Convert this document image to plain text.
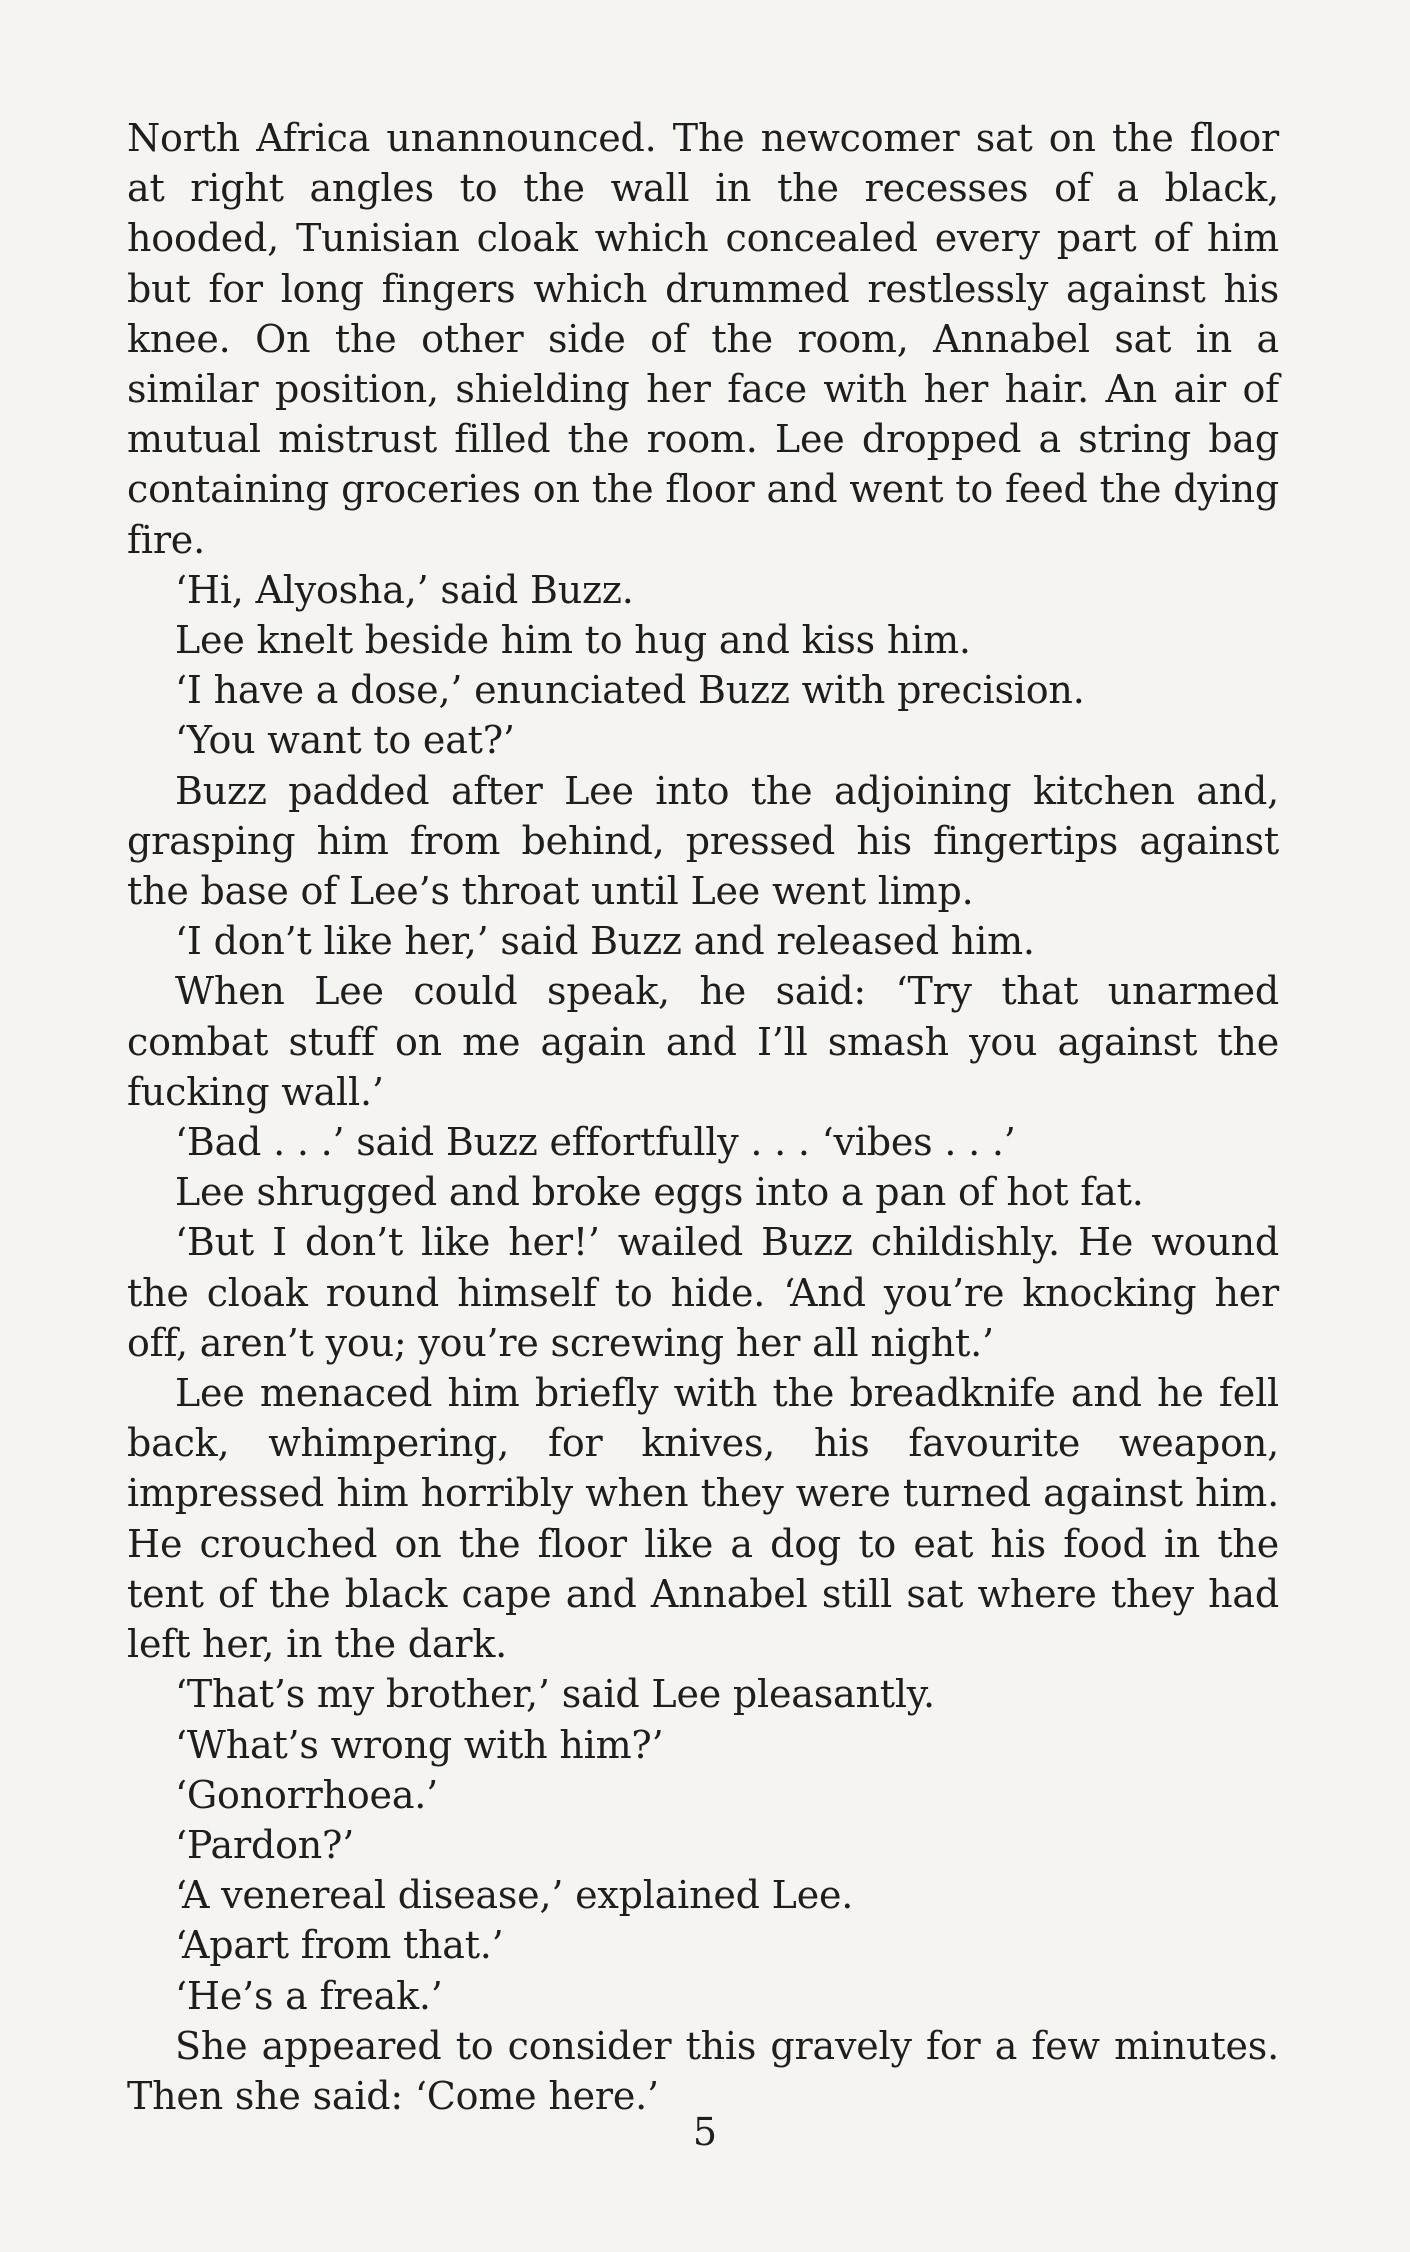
North Africa unannounced. The newcomer sat on the floor at right angles to the wall in the recesses of a black, hooded, Tunisian cloak which concealed every part of him but for long fingers which drummed restlessly against his knee. On the other side of the room, Annabel sat in a similar position, shielding her face with her hair. An air of mutual mistrust filled the room. Lee dropped a string bag containing groceries on the floor and went to feed the dying fire.

‘Hi, Alyosha,’ said Buzz.

Lee knelt beside him to hug and kiss him.

‘I have a dose,’ enunciated Buzz with precision.

‘You want to eat?’

Buzz padded after Lee into the adjoining kitchen and, grasping him from behind, pressed his fingertips against the base of Lee’s throat until Lee went limp.

‘I don’t like her,’ said Buzz and released him.

When Lee could speak, he said: ‘Try that unarmed combat stuff on me again and I’ll smash you against the fucking wall.’

‘Bad . . .’ said Buzz effortfully . . . ‘vibes . . .’

Lee shrugged and broke eggs into a pan of hot fat.

‘But I don’t like her!’ wailed Buzz childishly. He wound the cloak round himself to hide. ‘And you’re knocking her off, aren’t you; you’re screwing her all night.’

Lee menaced him briefly with the breadknife and he fell back, whimpering, for knives, his favourite weapon, impressed him horribly when they were turned against him. He crouched on the floor like a dog to eat his food in the tent of the black cape and Annabel still sat where they had left her, in the dark.

‘That’s my brother,’ said Lee pleasantly.

‘What’s wrong with him?’

‘Gonorrhoea.’

‘Pardon?’

‘A venereal disease,’ explained Lee.

‘Apart from that.’

‘He’s a freak.’

She appeared to consider this gravely for a few minutes. Then she said: ‘Come here.’

5
